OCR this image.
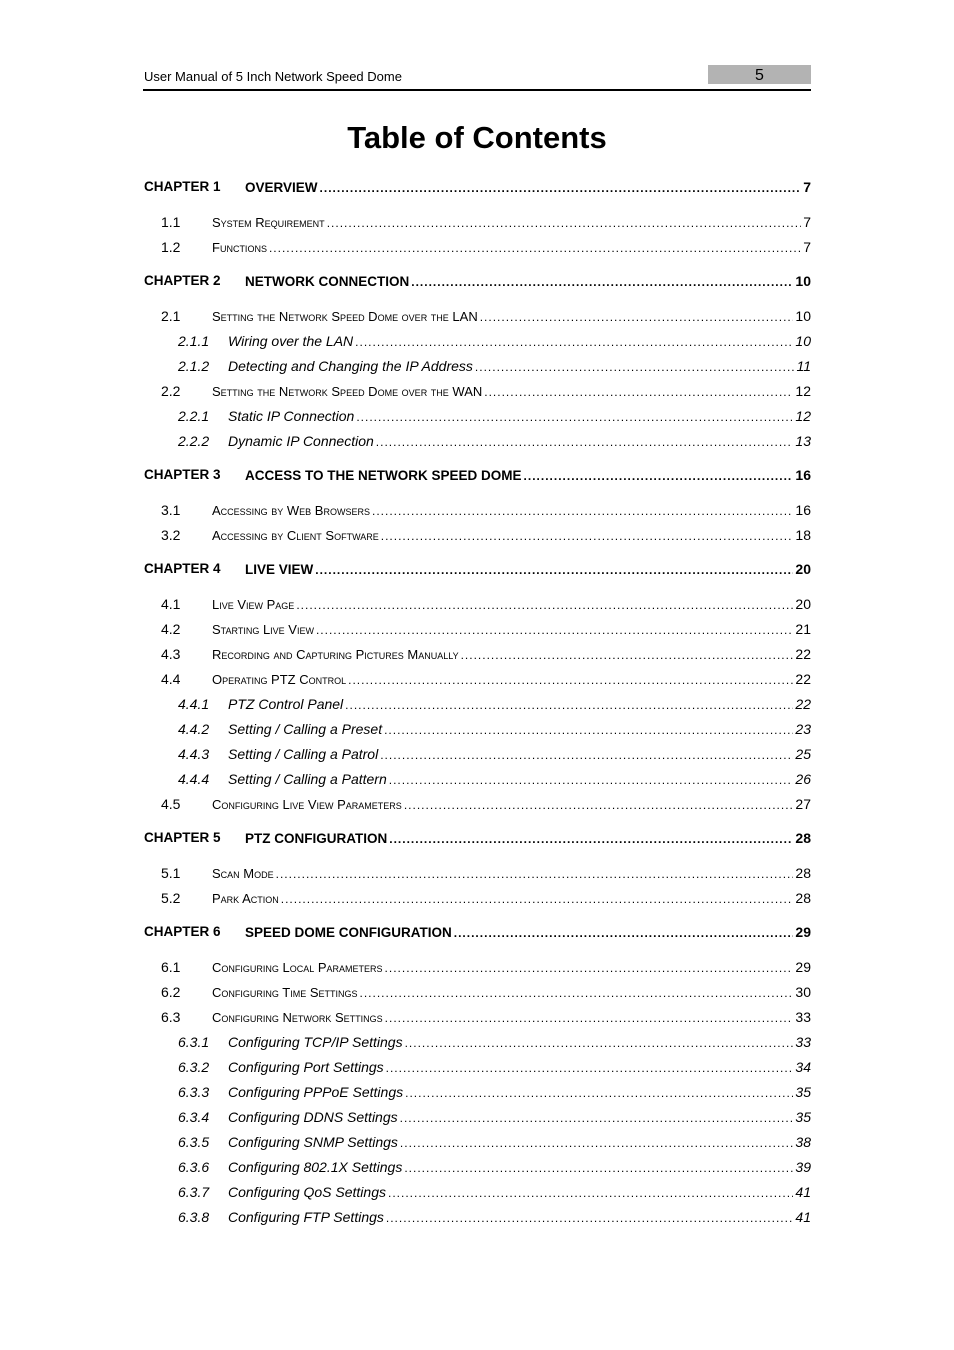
User Manual of 5 Inch Network Speed Dome	5
Table of Contents
CHAPTER 1 OVERVIEW .....	7
1.1 System Requirement .....	7
1.2 Functions .....	7
CHAPTER 2 NETWORK CONNECTION .....	10
2.1 Setting the Network Speed Dome over the LAN .....	10
2.1.1 Wiring over the LAN .....	10
2.1.2 Detecting and Changing the IP Address .....	11
2.2 Setting the Network Speed Dome over the WAN .....	12
2.2.1 Static IP Connection .....	12
2.2.2 Dynamic IP Connection .....	13
CHAPTER 3 ACCESS TO THE NETWORK SPEED DOME .....	16
3.1 Accessing by Web Browsers .....	16
3.2 Accessing by Client Software .....	18
CHAPTER 4 LIVE VIEW .....	20
4.1 Live View Page .....	20
4.2 Starting Live View .....	21
4.3 Recording and Capturing Pictures Manually .....	22
4.4 Operating PTZ Control .....	22
4.4.1 PTZ Control Panel .....	22
4.4.2 Setting / Calling a Preset .....	23
4.4.3 Setting / Calling a Patrol .....	25
4.4.4 Setting / Calling a Pattern .....	26
4.5 Configuring Live View Parameters .....	27
CHAPTER 5 PTZ CONFIGURATION .....	28
5.1 Scan Mode .....	28
5.2 Park Action .....	28
CHAPTER 6 SPEED DOME CONFIGURATION .....	29
6.1 Configuring Local Parameters .....	29
6.2 Configuring Time Settings .....	30
6.3 Configuring Network Settings .....	33
6.3.1 Configuring TCP/IP Settings .....	33
6.3.2 Configuring Port Settings .....	34
6.3.3 Configuring PPPoE Settings .....	35
6.3.4 Configuring DDNS Settings .....	35
6.3.5 Configuring SNMP Settings .....	38
6.3.6 Configuring 802.1X Settings .....	39
6.3.7 Configuring QoS Settings .....	41
6.3.8 Configuring FTP Settings .....	41
